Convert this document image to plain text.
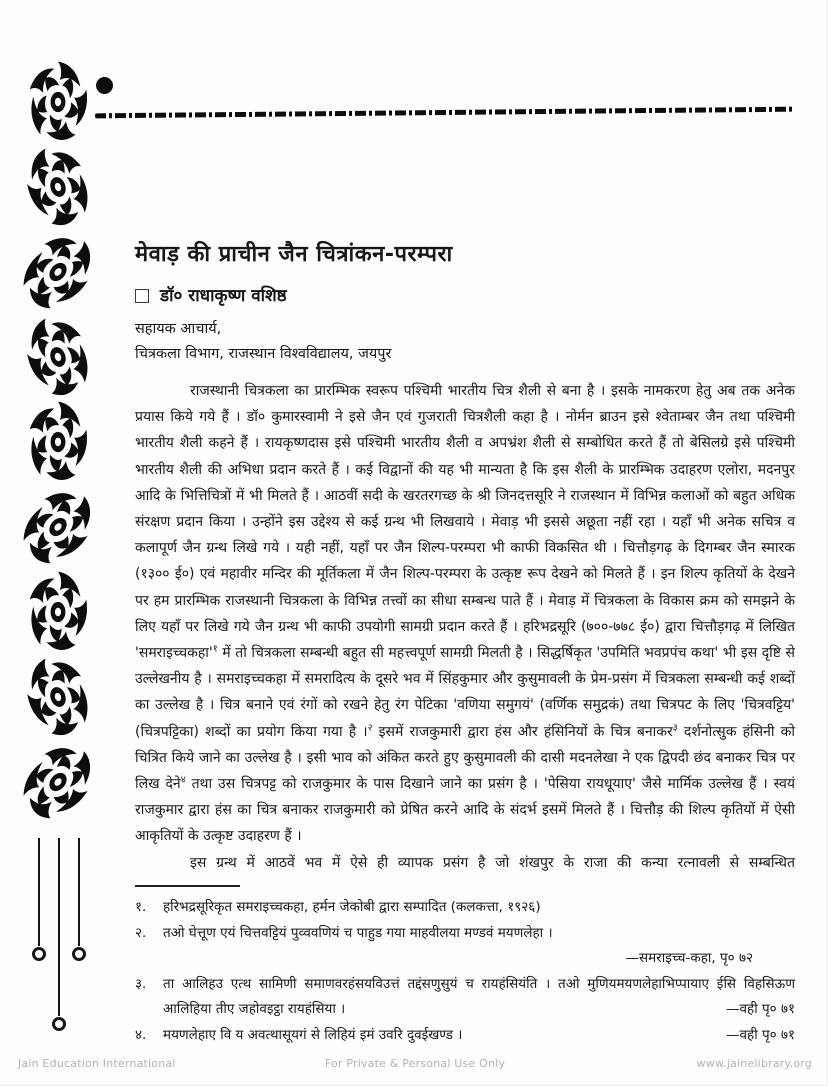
मेवाड़ की प्राचीन जैन चित्रांकन-परम्परा
डॉ० राधाकृष्ण वशिष्ठ
सहायक आचार्य,
चित्रकला विभाग, राजस्थान विश्वविद्यालय, जयपुर

राजस्थानी चित्रकला का प्रारम्भिक स्वरूप पश्चिमी भारतीय चित्र शैली से बना है । इसके नामकरण हेतु अब तक अनेक प्रयास किये गये हैं । डॉ० कुमारस्वामी ने इसे जैन एवं गुजराती चित्रशैली कहा है । नोर्मन ब्राउन इसे श्वेताम्बर जैन तथा पश्चिमी भारतीय शैली कहने हैं । रायकृष्णदास इसे पश्चिमी भारतीय शैली व अपभ्रंश शैली से सम्बोधित करते हैं तो बेसिलग्रे इसे पश्चिमी भारतीय शैली की अभिधा प्रदान करते हैं । कई विद्वानों की यह भी मान्यता है कि इस शैली के प्रारम्भिक उदाहरण एलोरा, मदनपुर आदि के भित्तिचित्रों में भी मिलते हैं । आठवीं सदी के खरतरगच्छ के श्री जिनदत्तसूरि ने राजस्थान में विभिन्न कलाओं को बहुत अधिक संरक्षण प्रदान किया । उन्होंने इस उद्देश्य से कई ग्रन्थ भी लिखवाये । मेवाड़ भी इससे अछूता नहीं रहा । यहाँ भी अनेक सचित्र व कलापूर्ण जैन ग्रन्थ लिखे गये । यही नहीं, यहाँ पर जैन शिल्प-परम्परा भी काफी विकसित थी । चित्तौड़गढ़ के दिगम्बर जैन स्मारक (१३०० ई०) एवं महावीर मन्दिर की मूर्तिकला में जैन शिल्प-परम्परा के उत्कृष्ट रूप देखने को मिलते हैं । इन शिल्प कृतियों के देखने पर हम प्रारम्भिक राजस्थानी चित्रकला के विभिन्न तत्त्वों का सीधा सम्बन्ध पाते हैं । मेवाड़ में चित्रकला के विकास क्रम को समझने के लिए यहाँ पर लिखे गये जैन ग्रन्थ भी काफी उपयोगी सामग्री प्रदान करते हैं । हरिभद्रसूरि (७००-७७८ ई०) द्वारा चित्तौड़गढ़ में लिखित '$समराइच्चकहा'^१$ में तो चित्रकला सम्बन्धी बहुत सी महत्त्वपूर्ण सामग्री मिलती है । सिद्धर्षिकृत 'उपमिति भवप्रपंच कथा' भी इस दृष्टि से उल्लेखनीय है । समराइच्चकहा में समरादित्य के दूसरे भव में सिंहकुमार और कुसुमावली के प्रेम-प्रसंग में चित्रकला सम्बन्धी कई शब्दों का उल्लेख है । चित्र बनाने एवं रंगों को रखने हेतु रंग पेटिका 'वणिया समुगयं' (वर्णिक समुद्रकं) तथा चित्रपट के लिए 'चित्रवट्टिय' (चित्रपट्टिका) शब्दों का प्रयोग किया गया है ।$^२$ इसमें राजकुमारी द्वारा हंस और हंसिनियों के चित्र बनाकर$^३$ दर्शनोत्सुक हंसिनी को चित्रित किये जाने का उल्लेख है । इसी भाव को अंकित करते हुए कुसुमावली की दासी मदनलेखा ने एक द्विपदी छंद बनाकर चित्र पर लिख देने$^४$ तथा उस चित्रपट्ट को राजकुमार के पास दिखाने जाने का प्रसंग है । 'पेसिया रायधूयाए' जैसे मार्मिक उल्लेख हैं । स्वयं राजकुमार द्वारा हंस का चित्र बनाकर राजकुमारी को प्रेषित करने आदि के संदर्भ इसमें मिलते हैं । चित्तौड़ की शिल्प कृतियों में ऐसी आकृतियों के उत्कृष्ट उदाहरण हैं ।

इस ग्रन्थ में आठवें भव में ऐसे ही व्यापक प्रसंग है जो शंखपुर के राजा की कन्या रत्नावली से सम्बन्धित

१.	हरिभद्रसूरिकृत समराइच्चकहा, हर्मन जेकोबी द्वारा सम्पादित (कलकत्ता, १९२६)
२.	तओ घेत्तूण एयं चित्तवट्टियं पुव्ववणियं च पाहुड गया माहवीलया मण्डवं मयणलेहा ।
—समराइच्च-कहा, पृ० ७२
३.	ता आलिहउ एत्थ सामिणी समाणवरहंसयविउत्तं तद्दंसणुसुयं च रायहंसियंति । तओ मुणियमयणलेहाभिप्पायाए ईसि विहसिऊण आलिहिया तीए जहोवइट्ठा रायहंसिया ।	—वही पृ० ७१
४.	मयणलेहाए वि य अवत्थासूयगं से लिहियं इमं उवरि दुवईखण्ड ।	—वही पृ० ७१
Jain Education International	For Private & Personal Use Only	www.jainelibrary.org
